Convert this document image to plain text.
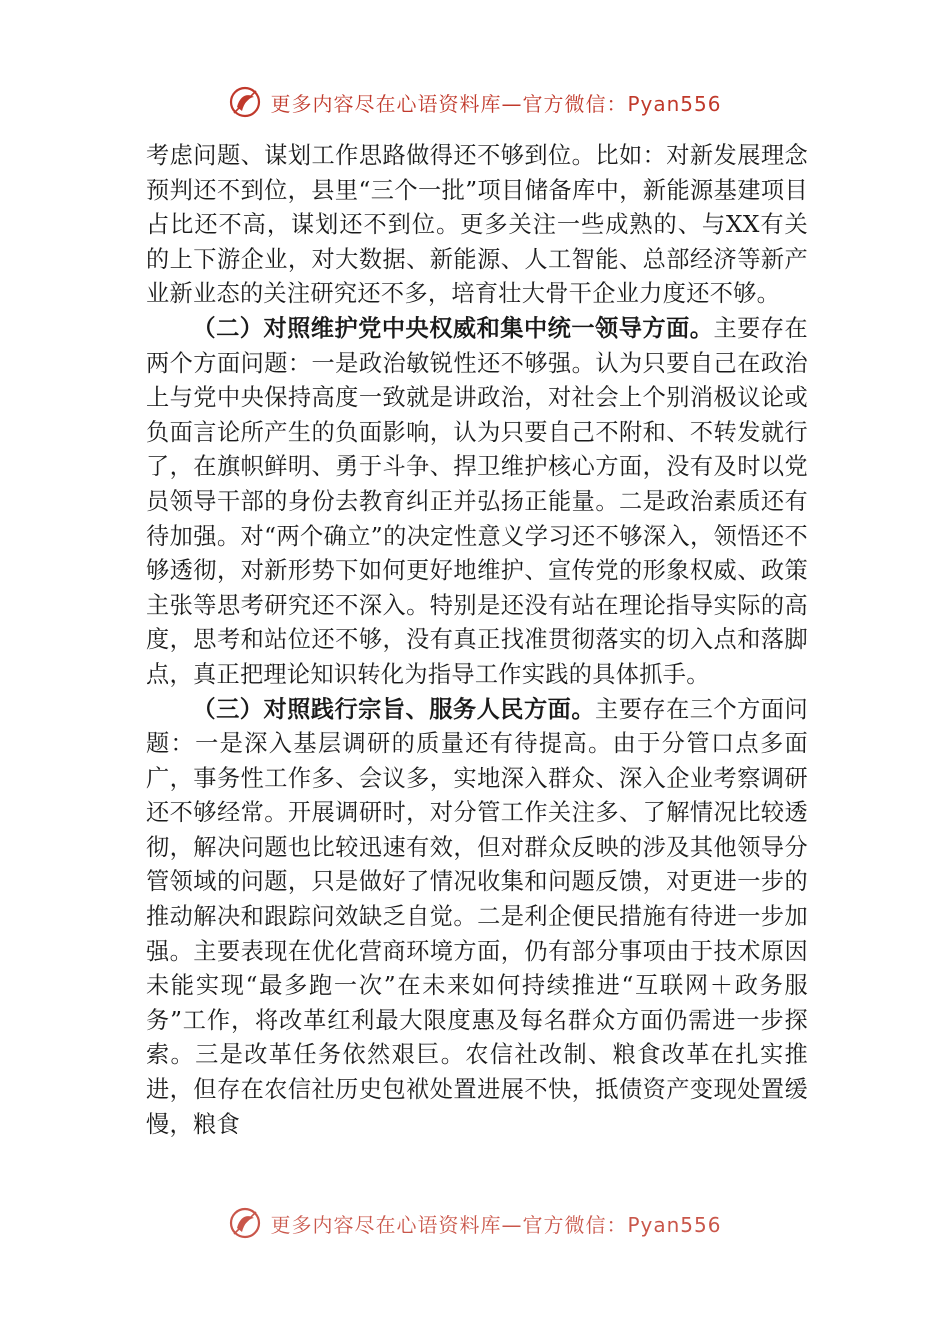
更多内容尽在心语资料库—官方微信：Pyan556

考虑问题、谋划工作思路做得还不够到位。比如：对新发展理念预判还不到位，县里“三个一批”项目储备库中，新能源基建项目占比还不高，谋划还不到位。更多关注一些成熟的、与XX有关的上下游企业，对大数据、新能源、人工智能、总部经济等新产业新业态的关注研究还不多，培育壮大骨干企业力度还不够。

（二）对照维护党中央权威和集中统一领导方面。主要存在两个方面问题：一是政治敏锐性还不够强。认为只要自己在政治上与党中央保持高度一致就是讲政治，对社会上个别消极议论或负面言论所产生的负面影响，认为只要自己不附和、不转发就行了，在旗帜鲜明、勇于斗争、捍卫维护核心方面，没有及时以党员领导干部的身份去教育纠正并弘扬正能量。二是政治素质还有待加强。对“两个确立”的决定性意义学习还不够深入，领悟还不够透彻，对新形势下如何更好地维护、宣传党的形象权威、政策主张等思考研究还不深入。特别是还没有站在理论指导实际的高度，思考和站位还不够，没有真正找准贯彻落实的切入点和落脚点，真正把理论知识转化为指导工作实践的具体抓手。

（三）对照践行宗旨、服务人民方面。主要存在三个方面问题：一是深入基层调研的质量还有待提高。由于分管口点多面广，事务性工作多、会议多，实地深入群众、深入企业考察调研还不够经常。开展调研时，对分管工作关注多、了解情况比较透彻，解决问题也比较迅速有效，但对群众反映的涉及其他领导分管领域的问题，只是做好了情况收集和问题反馈，对更进一步的推动解决和跟踪问效缺乏自觉。二是利企便民措施有待进一步加强。主要表现在优化营商环境方面，仍有部分事项由于技术原因未能实现“最多跑一次”在未来如何持续推进“互联网＋政务服务”工作，将改革红利最大限度惠及每名群众方面仍需进一步探索。三是改革任务依然艰巨。农信社改制、粮食改革在扎实推进，但存在农信社历史包袱处置进展不快，抵债资产变现处置缓慢，粮食

更多内容尽在心语资料库—官方微信：Pyan556
